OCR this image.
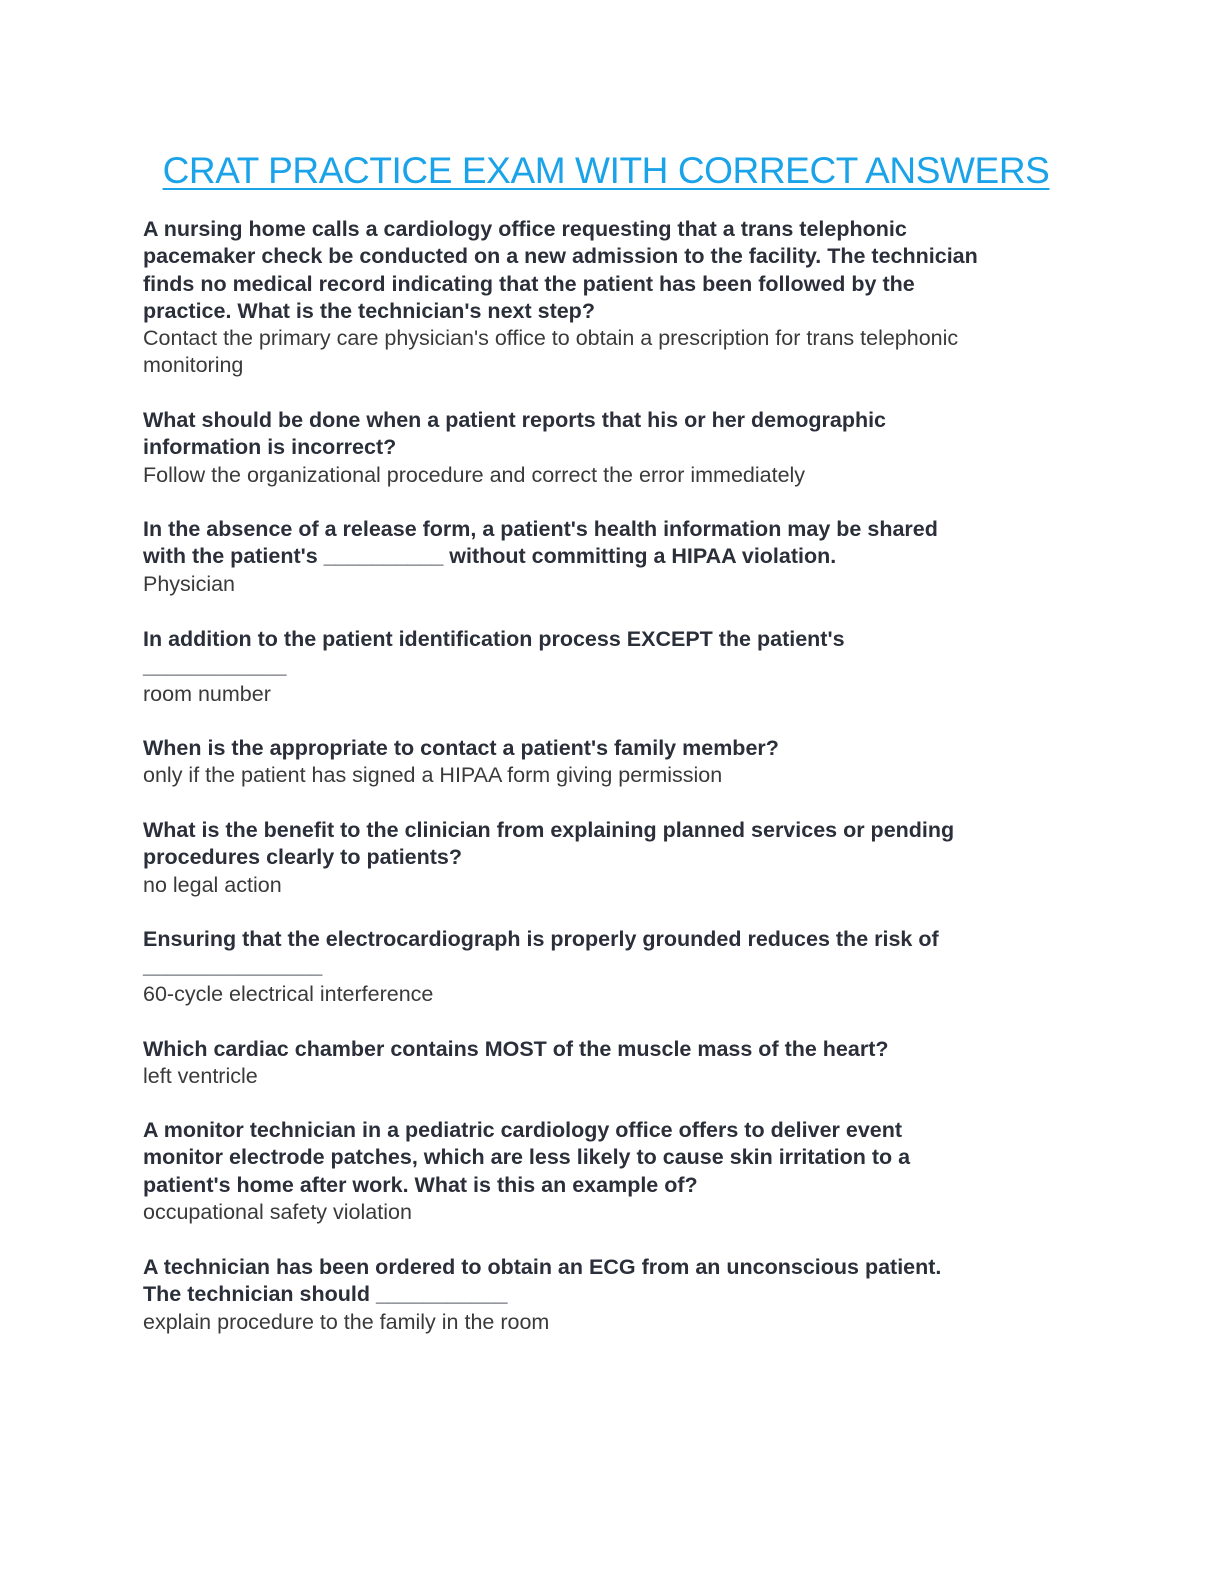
CRAT PRACTICE EXAM WITH CORRECT ANSWERS
A nursing home calls a cardiology office requesting that a trans telephonic
pacemaker check be conducted on a new admission to the facility. The technician
finds no medical record indicating that the patient has been followed by the
practice. What is the technician's next step?
Contact the primary care physician's office to obtain a prescription for trans telephonic
monitoring
What should be done when a patient reports that his or her demographic
information is incorrect?
Follow the organizational procedure and correct the error immediately
In the absence of a release form, a patient's health information may be shared
with the patient's __________ without committing a HIPAA violation.
Physician
In addition to the patient identification process EXCEPT the patient's
____________
room number
When is the appropriate to contact a patient's family member?
only if the patient has signed a HIPAA form giving permission
What is the benefit to the clinician from explaining planned services or pending
procedures clearly to patients?
no legal action
Ensuring that the electrocardiograph is properly grounded reduces the risk of
_______________
60-cycle electrical interference
Which cardiac chamber contains MOST of the muscle mass of the heart?
left ventricle
A monitor technician in a pediatric cardiology office offers to deliver event
monitor electrode patches, which are less likely to cause skin irritation to a
patient's home after work. What is this an example of?
occupational safety violation
A technician has been ordered to obtain an ECG from an unconscious patient.
The technician should ___________
explain procedure to the family in the room
